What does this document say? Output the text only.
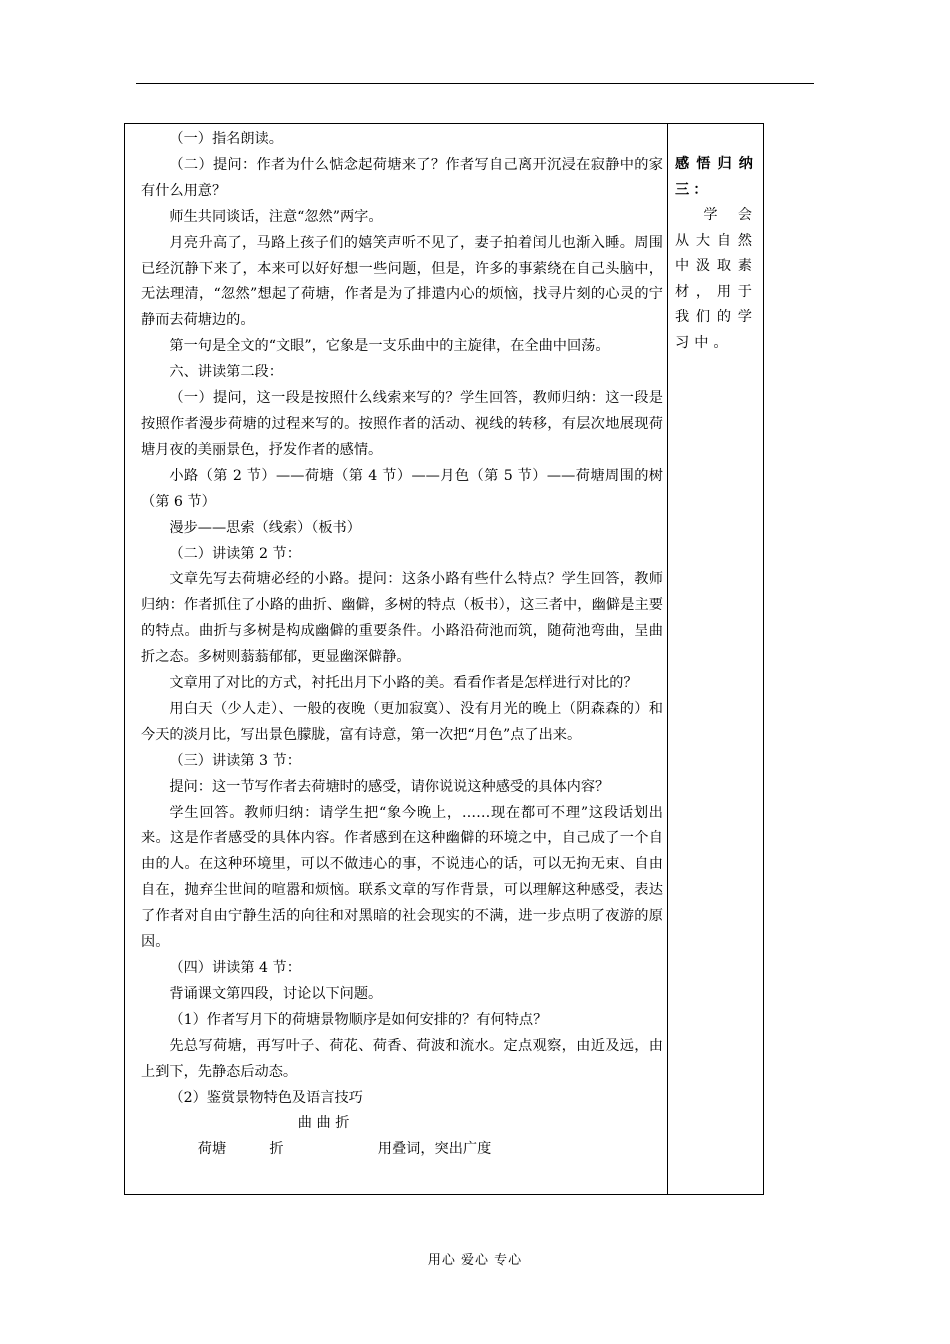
（一）指名朗读。

（二）提问：作者为什么惦念起荷塘来了？作者写自己离开沉浸在寂静中的家有什么用意？

师生共同谈话，注意“忽然”两字。

月亮升高了，马路上孩子们的嬉笑声听不见了，妻子拍着闰儿也渐入睡。周围已经沉静下来了，本来可以好好想一些问题，但是，许多的事萦绕在自己头脑中，无法理清，“忽然”想起了荷塘，作者是为了排遣内心的烦恼，找寻片刻的心灵的宁静而去荷塘边的。

第一句是全文的“文眼”，它象是一支乐曲中的主旋律，在全曲中回荡。

六、讲读第二段：

（一）提问，这一段是按照什么线索来写的？学生回答，教师归纳：这一段是按照作者漫步荷塘的过程来写的。按照作者的活动、视线的转移，有层次地展现荷塘月夜的美丽景色，抒发作者的感情。

小路（第 2 节）——荷塘（第 4 节）——月色（第 5 节）——荷塘周围的树（第 6 节）

漫步——思索（线索）（板书）

（二）讲读第 2 节：

文章先写去荷塘必经的小路。提问：这条小路有些什么特点？学生回答，教师归纳：作者抓住了小路的曲折、幽僻，多树的特点（板书），这三者中，幽僻是主要的特点。曲折与多树是构成幽僻的重要条件。小路沿荷池而筑，随荷池弯曲，呈曲折之态。多树则蓊蓊郁郁，更显幽深僻静。

文章用了对比的方式，衬托出月下小路的美。看看作者是怎样进行对比的？

用白天（少人走）、一般的夜晚（更加寂寞）、没有月光的晚上（阴森森的）和今天的淡月比，写出景色朦胧，富有诗意，第一次把“月色”点了出来。

（三）讲读第 3 节：

提问：这一节写作者去荷塘时的感受，请你说说这种感受的具体内容？

学生回答。教师归纳：请学生把“象今晚上，……现在都可不理”这段话划出来。这是作者感受的具体内容。作者感到在这种幽僻的环境之中，自己成了一个自由的人。在这种环境里，可以不做违心的事，不说违心的话，可以无拘无束、自由自在，抛弃尘世间的喧嚣和烦恼。联系文章的写作背景，可以理解这种感受，表达了作者对自由宁静生活的向往和对黑暗的社会现实的不满，进一步点明了夜游的原因。

（四）讲读第 4 节：

背诵课文第四段，讨论以下问题。

（1）作者写月下的荷塘景物顺序是如何安排的？有何特点？

先总写荷塘，再写叶子、荷花、荷香、荷波和流水。定点观察，由近及远，由上到下，先静态后动态。

（2）鉴赏景物特色及语言技巧

荷塘曲曲折折	用叠词，突出广度

感悟归纳三：

学会从大自然中汲取素材，用于我们的学习中。

用心 爱心 专心
